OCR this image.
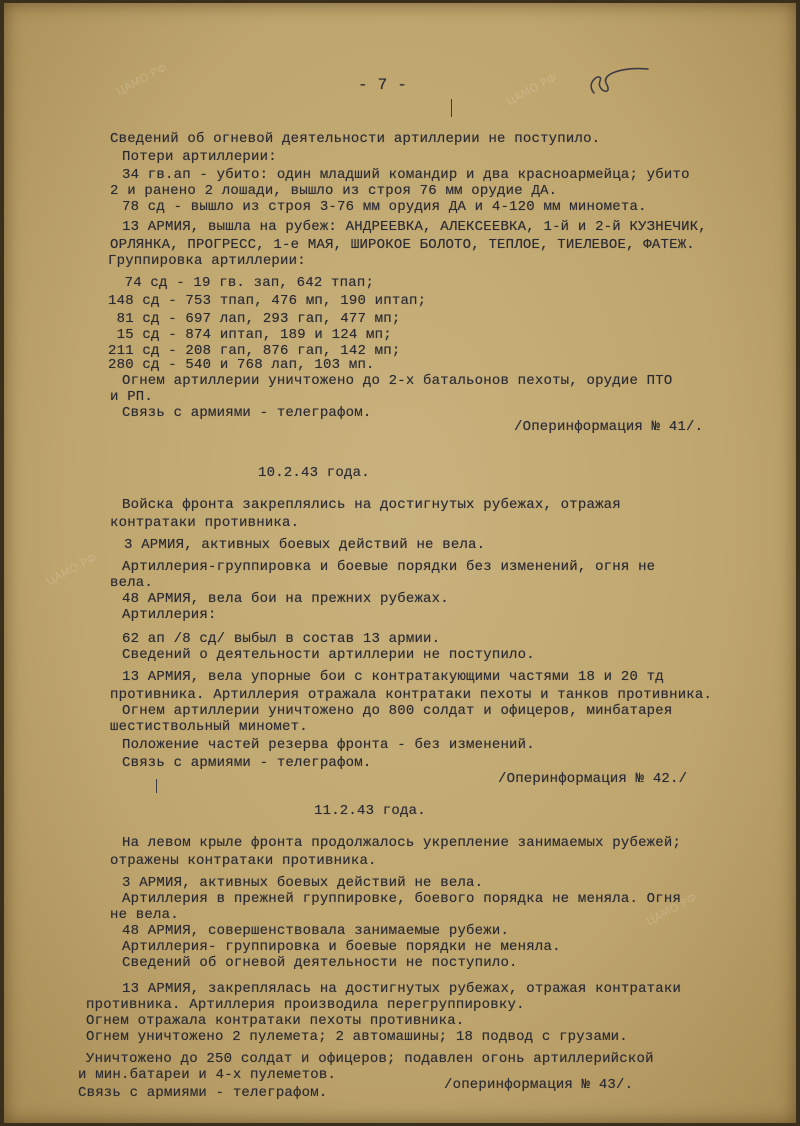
ЦАМО РФ	ЦАМО РФ
ЦАМО РФ
ЦАМО РФ
- 7 -
Сведений об огневой деятельности артиллерии не поступило.
Потери артиллерии:
34 гв.ап - убито: один младший командир и два красноармейца; убито
2 и ранено 2 лошади, вышло из строя 76 мм орудие ДА.
78 сд - вышло из строя 3-76 мм орудия ДА и 4-120 мм миномета.
13 АРМИЯ, вышла на рубеж: АНДРЕЕВКА, АЛЕКСЕЕВКА, 1-й и 2-й КУЗНЕЧИК,
ОРЛЯНКА, ПРОГРЕСС, 1-е МАЯ, ШИРОКОЕ БОЛОТО, ТЕПЛОЕ, ТИЕЛЕВОЕ, ФАТЕЖ.
Группировка артиллерии:
74 сд - 19 гв. зап, 642 тпап;
148 сд - 753 тпап, 476 мп, 190 иптап;
81 сд - 697 лап, 293 гап, 477 мп;
15 сд - 874 иптап, 189 и 124 мп;
211 сд - 208 гап, 876 гап, 142 мп;
280 сд - 540 и 768 лап, 103 мп.
Огнем артиллерии уничтожено до 2-х батальонов пехоты, орудие ПТО
и РП.
Связь с армиями - телеграфом.
/Оперинформация № 41/.
10.2.43 года.
Войска фронта закреплялись на достигнутых рубежах, отражая
контратаки противника.
3 АРМИЯ, активных боевых действий не вела.
Артиллерия-группировка и боевые порядки без изменений, огня не
вела.
48 АРМИЯ, вела бои на прежних рубежах.
Артиллерия:
62 ап /8 сд/ выбыл в состав 13 армии.
Сведений о деятельности артиллерии не поступило.
13 АРМИЯ, вела упорные бои с контратакующими частями 18 и 20 тд
противника. Артиллерия отражала контратаки пехоты и танков противника.
Огнем артиллерии уничтожено до 800 солдат и офицеров, минбатарея
шестиствольный миномет.
Положение частей резерва фронта - без изменений.
Связь с армиями - телеграфом.
/Оперинформация № 42./
11.2.43 года.
На левом крыле фронта продолжалось укрепление занимаемых рубежей;
отражены контратаки противника.
3 АРМИЯ, активных боевых действий не вела.
Артиллерия в прежней группировке, боевого порядка не меняла. Огня
не вела.
48 АРМИЯ, совершенствовала занимаемые рубежи.
Артиллерия- группировка и боевые порядки не меняла.
Сведений об огневой деятельности не поступило.
13 АРМИЯ, закреплялась на достигнутых рубежах, отражая контратаки
противника. Артиллерия производила перегруппировку.
Огнем отражала контратаки пехоты противника.
Огнем уничтожено 2 пулемета; 2 автомашины; 18 подвод с грузами.
Уничтожено до 250 солдат и офицеров; подавлен огонь артиллерийской
и мин.батареи и 4-х пулеметов.
Связь с армиями - телеграфом.	/оперинформация № 43/.
